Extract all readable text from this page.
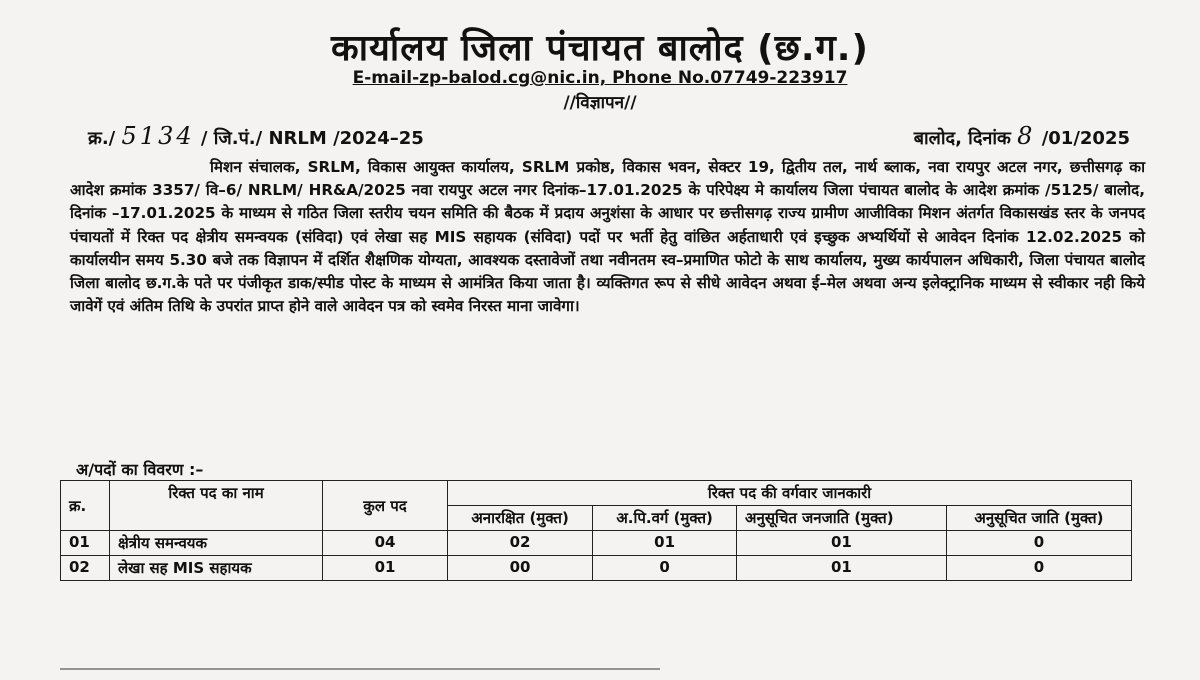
कार्यालय जिला पंचायत बालोद (छ.ग.)
E-mail-zp-balod.cg@nic.in, Phone No.07749-223917
//विज्ञापन//
क्र./ 5134 / जि.पं./ NRLM /2024–25	बालोद, दिनांक 8 /01/2025

मिशन संचालक, SRLM, विकास आयुक्त कार्यालय, SRLM प्रकोष्ठ, विकास भवन, सेक्टर 19, द्वितीय तल, नार्थ ब्लाक, नवा रायपुर अटल नगर, छत्तीसगढ़ का आदेश क्रमांक 3357/ वि–6/ NRLM/ HR&A/2025 नवा रायपुर अटल नगर दिनांक–17.01.2025 के परिपेक्ष्य मे कार्यालय जिला पंचायत बालोद के आदेश क्रमांक /5125/ बालोद, दिनांक –17.01.2025 के माध्यम से गठित जिला स्तरीय चयन समिति की बैठक में प्रदाय अनुशंसा के आधार पर छत्तीसगढ़ राज्य ग्रामीण आजीविका मिशन अंतर्गत विकासखंड स्तर के जनपद पंचायतों में रिक्त पद क्षेत्रीय समन्वयक (संविदा) एवं लेखा सह MIS सहायक (संविदा) पदों पर भर्ती हेतु वांछित अर्हताधारी एवं इच्छुक अभ्यर्थियों से आवेदन दिनांक 12.02.2025 को कार्यालयीन समय 5.30 बजे तक विज्ञापन में दर्शित शैक्षणिक योग्यता, आवश्यक दस्तावेजों तथा नवीनतम स्व–प्रमाणित फोटो के साथ कार्यालय, मुख्य कार्यपालन अधिकारी, जिला पंचायत बालोद जिला बालोद छ.ग.के पते पर पंजीकृत डाक/स्पीड पोस्ट के माध्यम से आमंत्रित किया जाता है। व्यक्तिगत रूप से सीधे आवेदन अथवा ई–मेल अथवा अन्य इलेक्ट्रानिक माध्यम से स्वीकार नही किये जावेगें एवं अंतिम तिथि के उपरांत प्राप्त होने वाले आवेदन पत्र को स्वमेव निरस्त माना जावेगा।

अ/पदों का विवरण :–
क्र.	रिक्त पद का नाम	कुल पद	रिक्त पद की वर्गवार जानकारी			
			अनारक्षित (मुक्त)	अ.पि.वर्ग (मुक्त)	अनुसूचित जनजाति (मुक्त)	अनुसूचित जाति (मुक्त)
01	क्षेत्रीय समन्वयक	04	02	01	01	0
02	लेखा सह MIS सहायक	01	00	0	01	0
